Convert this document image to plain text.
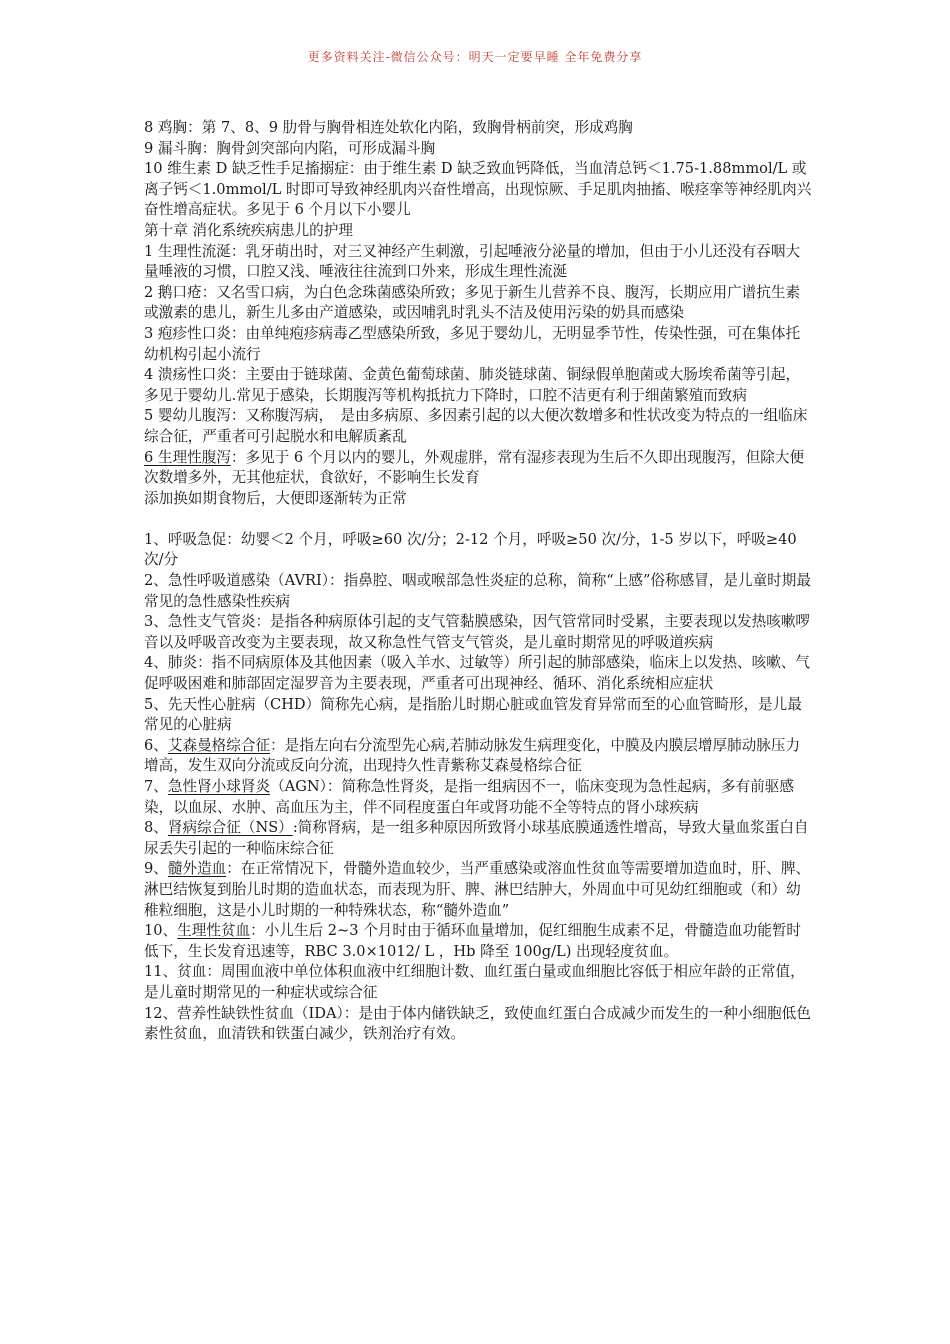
更多资料关注-微信公众号：明天一定要早睡 全年免费分享

8 鸡胸：第 7、8、9 肋骨与胸骨相连处软化内陷，致胸骨柄前突，形成鸡胸

9 漏斗胸：胸骨剑突部向内陷，可形成漏斗胸

10 维生素 D 缺乏性手足搐搦症：由于维生素 D 缺乏致血钙降低，当血清总钙＜1.75-1.88mmol/L 或离子钙＜1.0mmol/L 时即可导致神经肌肉兴奋性增高，出现惊厥、手足肌肉抽搐、喉痉挛等神经肌肉兴奋性增高症状。多见于 6 个月以下小婴儿

第十章 消化系统疾病患儿的护理

1 生理性流涎：乳牙萌出时，对三叉神经产生刺激，引起唾液分泌量的增加，但由于小儿还没有吞咽大量唾液的习惯，口腔又浅、唾液往往流到口外来，形成生理性流涎

2 鹅口疮：又名雪口病，为白色念珠菌感染所致；多见于新生儿营养不良、腹泻，长期应用广谱抗生素或激素的患儿，新生儿多由产道感染，或因哺乳时乳头不洁及使用污染的奶具而感染

3 疱疹性口炎：由单纯疱疹病毒乙型感染所致，多见于婴幼儿，无明显季节性，传染性强，可在集体托幼机构引起小流行

4 溃疡性口炎：主要由于链球菌、金黄色葡萄球菌、肺炎链球菌、铜绿假单胞菌或大肠埃希菌等引起，多见于婴幼儿.常见于感染，长期腹泻等机构抵抗力下降时，口腔不洁更有利于细菌繁殖而致病

5 婴幼儿腹泻：又称腹泻病，　是由多病原、多因素引起的以大便次数增多和性状改变为特点的一组临床综合征，严重者可引起脱水和电解质紊乱

6 生理性腹泻：多见于 6 个月以内的婴儿，外观虚胖，常有湿疹表现为生后不久即出现腹泻，但除大便次数增多外，无其他症状，食欲好，不影响生长发育

添加换如期食物后，大便即逐渐转为正常

1、呼吸急促：幼婴＜2 个月，呼吸≥60 次/分；2-12 个月，呼吸≥50 次/分，1-5 岁以下，呼吸≥40 次/分

2、急性呼吸道感染（AVRI）：指鼻腔、咽或喉部急性炎症的总称，简称“上感”俗称感冒，是儿童时期最常见的急性感染性疾病

3、急性支气管炎：是指各种病原体引起的支气管黏膜感染，因气管常同时受累，主要表现以发热咳嗽啰音以及呼吸音改变为主要表现，故又称急性气管支气管炎，是儿童时期常见的呼吸道疾病

4、肺炎：指不同病原体及其他因素（吸入羊水、过敏等）所引起的肺部感染，临床上以发热、咳嗽、气促呼吸困难和肺部固定湿罗音为主要表现，严重者可出现神经、循环、消化系统相应症状

5、先天性心脏病（CHD）简称先心病，是指胎儿时期心脏或血管发育异常而至的心血管畸形，是儿最常见的心脏病

6、艾森曼格综合征：是指左向右分流型先心病,若肺动脉发生病理变化，中膜及内膜层增厚肺动脉压力增高，发生双向分流或反向分流，出现持久性青紫称艾森曼格综合征

7、急性肾小球肾炎（AGN）：简称急性肾炎，是指一组病因不一，临床变现为急性起病，多有前驱感染，以血尿、水肿、高血压为主，伴不同程度蛋白年或肾功能不全等特点的肾小球疾病

8、肾病综合征（NS）:简称肾病，是一组多种原因所致肾小球基底膜通透性增高，导致大量血浆蛋白自尿丢失引起的一种临床综合征

9、髓外造血：在正常情况下，骨髓外造血较少，当严重感染或溶血性贫血等需要增加造血时，肝、脾、淋巴结恢复到胎儿时期的造血状态，而表现为肝、脾、淋巴结肿大，外周血中可见幼红细胞或（和）幼稚粒细胞，这是小儿时期的一种特殊状态，称“髓外造血”

10、生理性贫血：小儿生后 2~3 个月时由于循环血量增加，促红细胞生成素不足，骨髓造血功能暂时低下，生长发育迅速等，RBC 3.0×1012/ L ，Hb 降至 100g/L) 出现轻度贫血。

11、贫血：周围血液中单位体积血液中红细胞计数、血红蛋白量或血细胞比容低于相应年龄的正常值，是儿童时期常见的一种症状或综合征

12、营养性缺铁性贫血（IDA）：是由于体内储铁缺乏，致使血红蛋白合成减少而发生的一种小细胞低色素性贫血，血清铁和铁蛋白减少，铁剂治疗有效。
